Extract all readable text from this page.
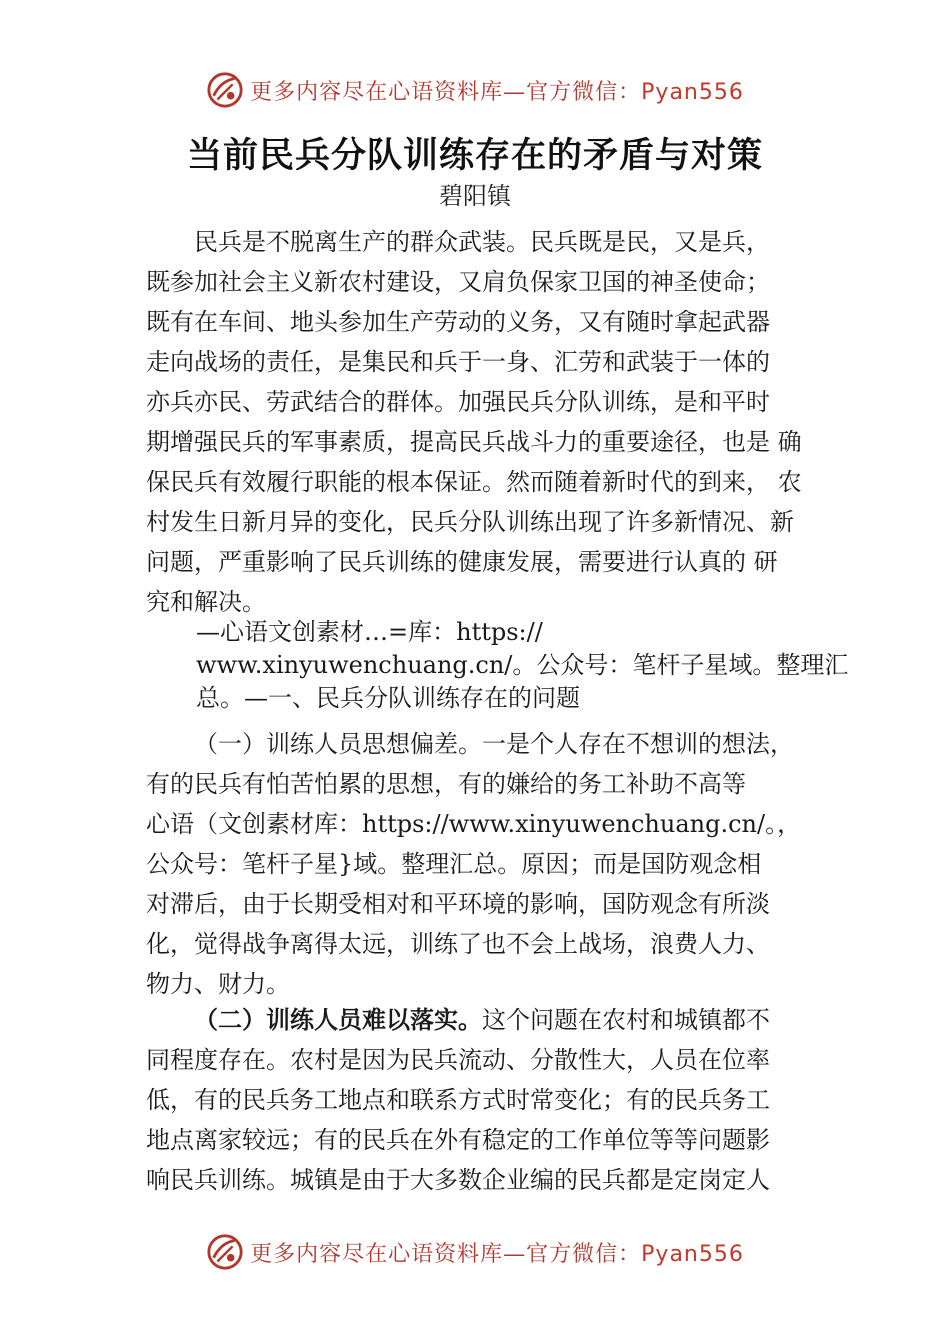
更多内容尽在心语资料库—官方微信：Pyan556
当前民兵分队训练存在的矛盾与对策
碧阳镇
民兵是不脱离生产的群众武装。民兵既是民，又是兵，
既参加社会主义新农村建设，又肩负保家卫国的神圣使命；
既有在车间、地头参加生产劳动的义务，又有随时拿起武器
走向战场的责任，是集民和兵于一身、汇劳和武装于一体的
亦兵亦民、劳武结合的群体。加强民兵分队训练，是和平时
期增强民兵的军事素质，提高民兵战斗力的重要途径，也是 确
保民兵有效履行职能的根本保证。然而随着新时代的到来， 农
村发生日新月异的变化，民兵分队训练出现了许多新情况、新
问题，严重影响了民兵训练的健康发展，需要进行认真的 研
究和解决。
—心语文创素材…=库：https://
www.xinyuwenchuang.cn/。公众号：笔杆子星域。整理汇
总。—一、民兵分队训练存在的问题
（一）训练人员思想偏差。一是个人存在不想训的想法，
有的民兵有怕苦怕累的思想，有的嫌给的务工补助不高等
心语（文创素材库：https://www.xinyuwenchuang.cn/。，
公众号：笔杆子星}域。整理汇总。原因；而是国防观念相
对滞后，由于长期受相对和平环境的影响，国防观念有所淡
化，觉得战争离得太远，训练了也不会上战场，浪费人力、
物力、财力。
（二）训练人员难以落实。这个问题在农村和城镇都不
同程度存在。农村是因为民兵流动、分散性大，人员在位率
低，有的民兵务工地点和联系方式时常变化；有的民兵务工
地点离家较远；有的民兵在外有稳定的工作单位等等问题影
响民兵训练。城镇是由于大多数企业编的民兵都是定岗定人
更多内容尽在心语资料库—官方微信：Pyan556
